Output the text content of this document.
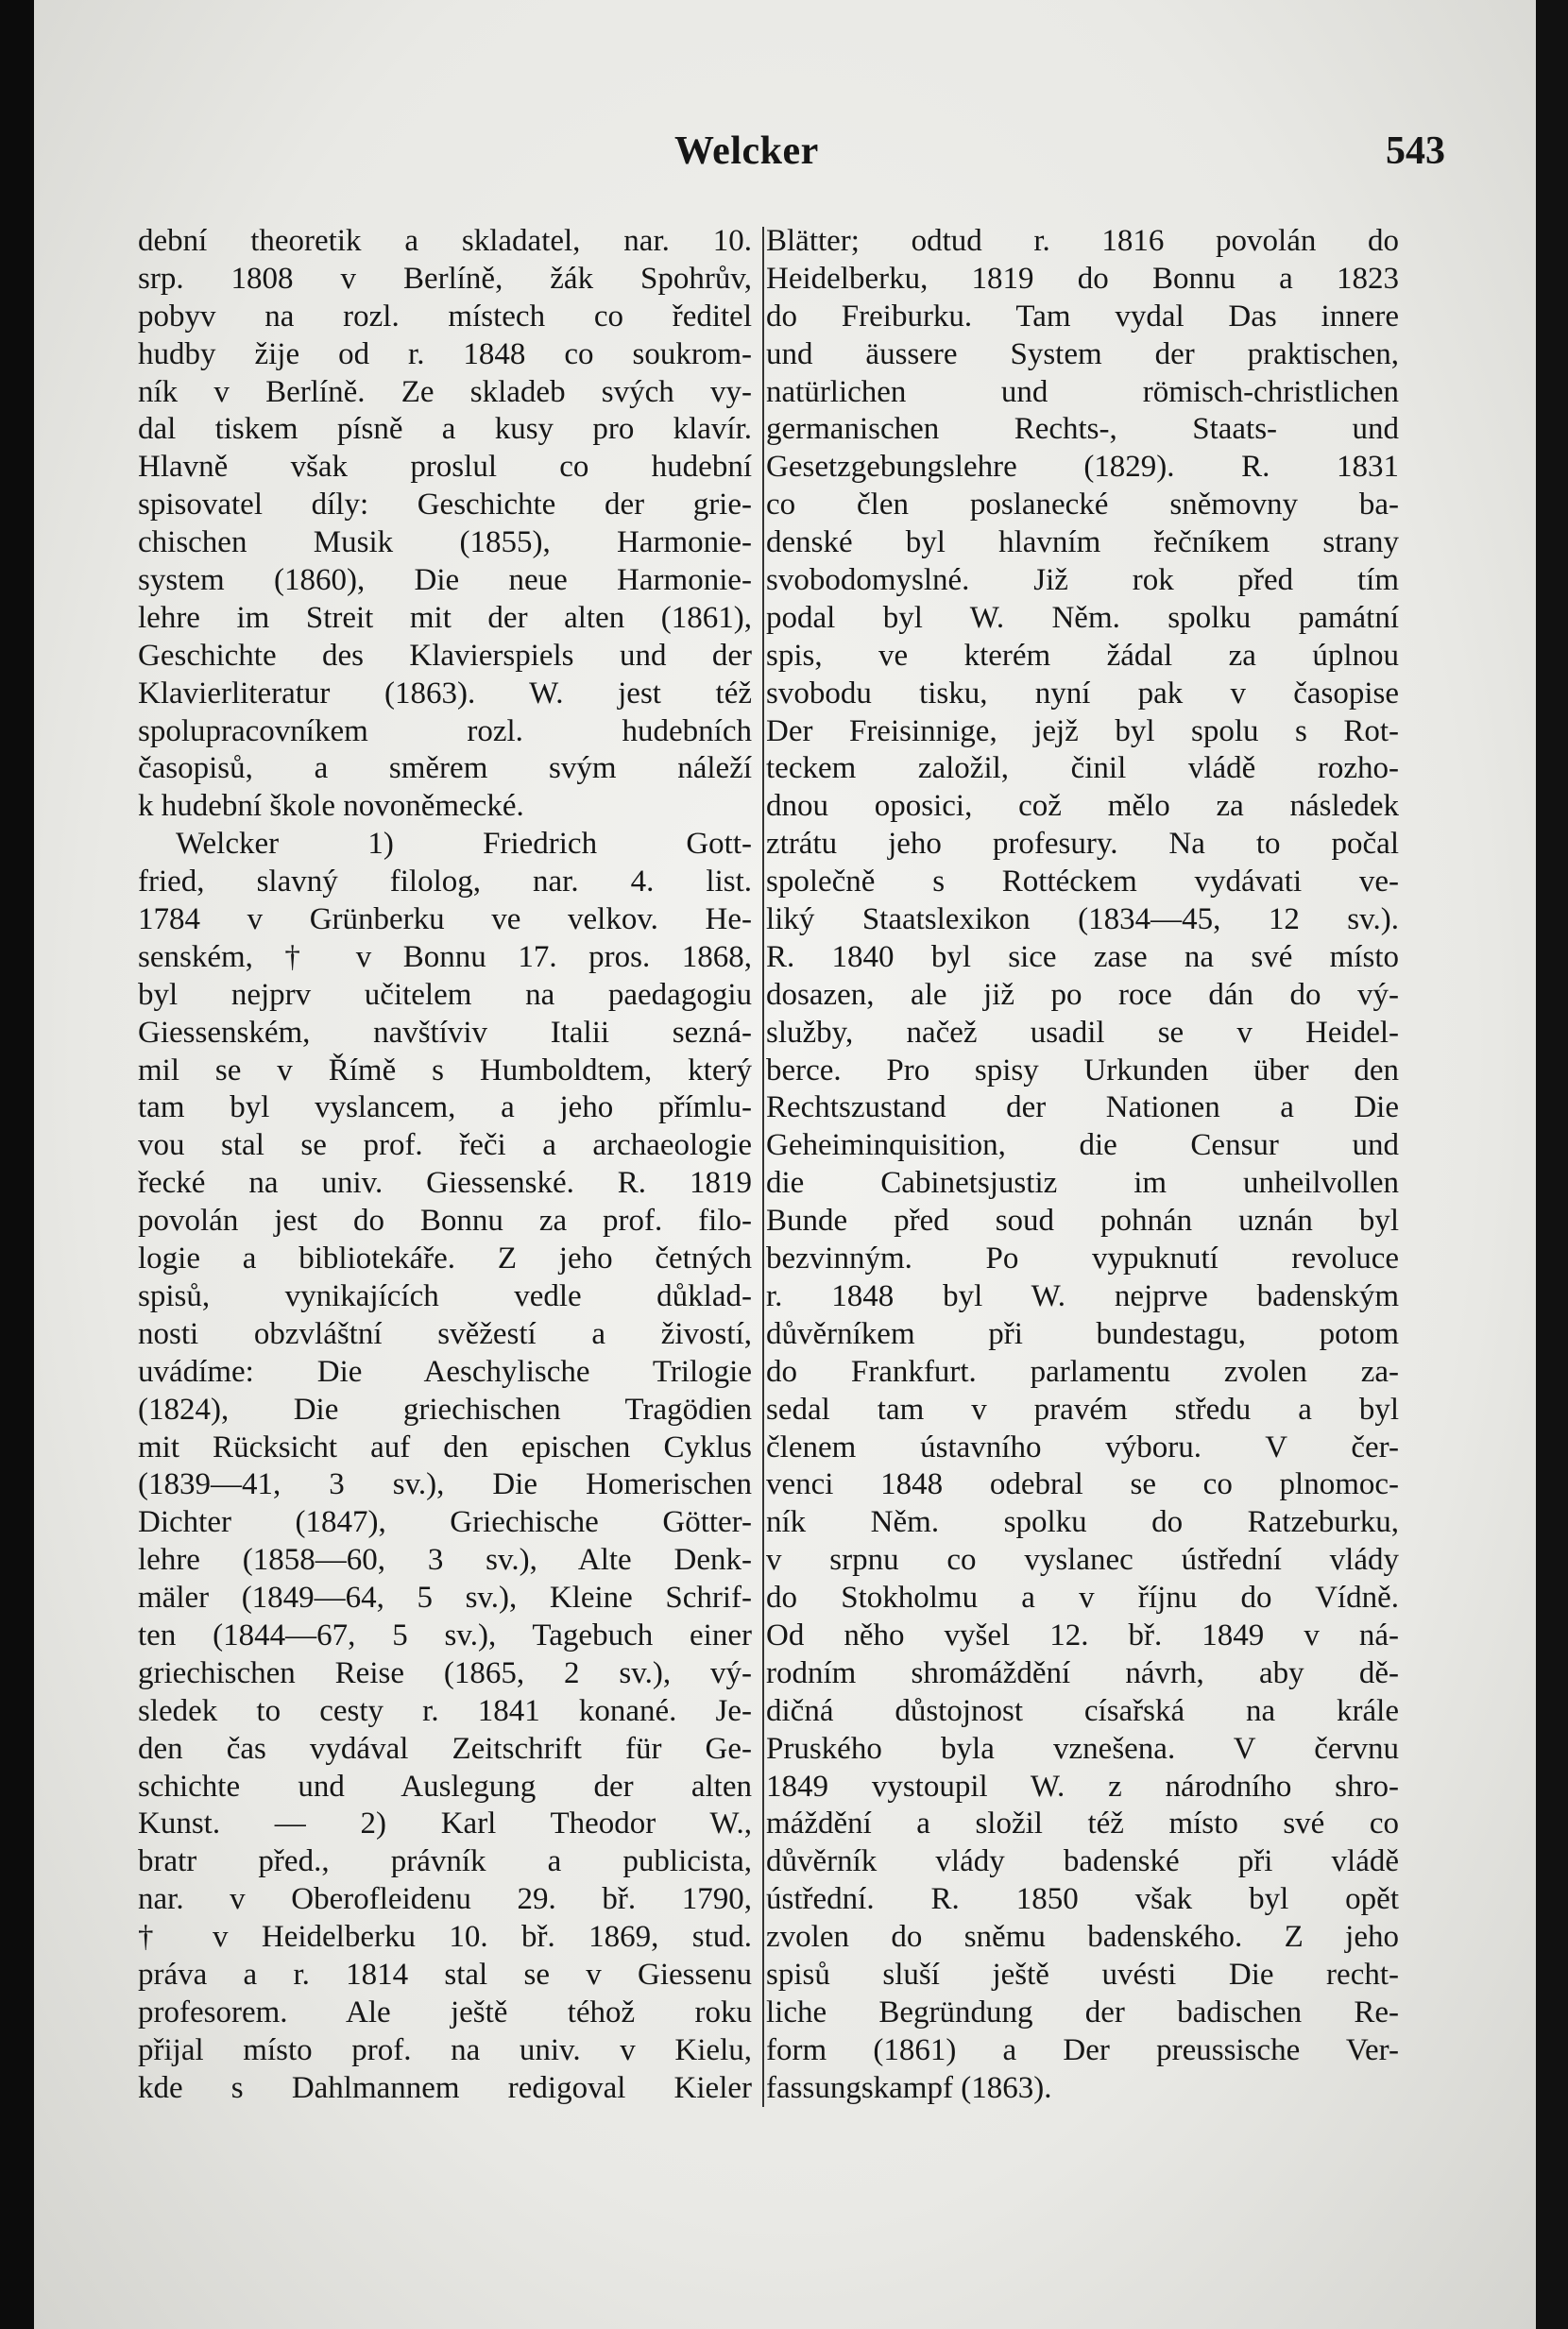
Welcker	543
dební theoretik a skladatel, nar. 10.
srp. 1808 v Berlíně, žák Spohrův,
pobyv na rozl. místech co ředitel
hudby žije od r. 1848 co soukrom-
ník v Berlíně. Ze skladeb svých vy-
dal tiskem písně a kusy pro klavír.
Hlavně však proslul co hudební
spisovatel díly: Geschichte der grie-
chischen Musik (1855), Harmonie-
system (1860), Die neue Harmonie-
lehre im Streit mit der alten (1861),
Geschichte des Klavierspiels und der
Klavierliteratur (1863). W. jest též
spolupracovníkem rozl. hudebních
časopisů, a směrem svým náleží
k hudební škole novoněmecké.
Welcker 1) Friedrich Gott-
fried, slavný filolog, nar. 4. list.
1784 v Grünberku ve velkov. He-
senském, † v Bonnu 17. pros. 1868,
byl nejprv učitelem na paedagogiu
Giessenském, navštíviv Italii sezná-
mil se v Římě s Humboldtem, který
tam byl vyslancem, a jeho přímlu-
vou stal se prof. řeči a archaeologie
řecké na univ. Giessenské. R. 1819
povolán jest do Bonnu za prof. filo-
logie a bibliotekáře. Z jeho četných
spisů, vynikajících vedle důklad-
nosti obzvláštní svěžestí a živostí,
uvádíme: Die Aeschylische Trilogie
(1824), Die griechischen Tragödien
mit Rücksicht auf den epischen Cyklus
(1839—41, 3 sv.), Die Homerischen
Dichter (1847), Griechische Götter-
lehre (1858—60, 3 sv.), Alte Denk-
mäler (1849—64, 5 sv.), Kleine Schrif-
ten (1844—67, 5 sv.), Tagebuch einer
griechischen Reise (1865, 2 sv.), vý-
sledek to cesty r. 1841 konané. Je-
den čas vydával Zeitschrift für Ge-
schichte und Auslegung der alten
Kunst. — 2) Karl Theodor W.,
bratr před., právník a publicista,
nar. v Oberofleidenu 29. bř. 1790,
† v Heidelberku 10. bř. 1869, stud.
práva a r. 1814 stal se v Giessenu
profesorem. Ale ještě téhož roku
přijal místo prof. na univ. v Kielu,
kde s Dahlmannem redigoval Kieler
Blätter; odtud r. 1816 povolán do
Heidelberku, 1819 do Bonnu a 1823
do Freiburku. Tam vydal Das innere
und äussere System der praktischen,
natürlichen und römisch-christlichen
germanischen Rechts-, Staats- und
Gesetzgebungslehre (1829). R. 1831
co člen poslanecké sněmovny ba-
denské byl hlavním řečníkem strany
svobodomyslné. Již rok před tím
podal byl W. Něm. spolku památní
spis, ve kterém žádal za úplnou
svobodu tisku, nyní pak v časopise
Der Freisinnige, jejž byl spolu s Rot-
teckem založil, činil vládě rozho-
dnou oposici, což mělo za následek
ztrátu jeho profesury. Na to počal
společně s Rottéckem vydávati ve-
liký Staatslexikon (1834—45, 12 sv.).
R. 1840 byl sice zase na své místo
dosazen, ale již po roce dán do vý-
služby, načež usadil se v Heidel-
berce. Pro spisy Urkunden über den
Rechtszustand der Nationen a Die
Geheiminquisition, die Censur und
die Cabinetsjustiz im unheilvollen
Bunde před soud pohnán uznán byl
bezvinným. Po vypuknutí revoluce
r. 1848 byl W. nejprve badenským
důvěrníkem při bundestagu, potom
do Frankfurt. parlamentu zvolen za-
sedal tam v pravém středu a byl
členem ústavního výboru. V čer-
venci 1848 odebral se co plnomoc-
ník Něm. spolku do Ratzeburku,
v srpnu co vyslanec ústřední vlády
do Stokholmu a v říjnu do Vídně.
Od něho vyšel 12. bř. 1849 v ná-
rodním shromáždění návrh, aby dě-
dičná důstojnost císařská na krále
Pruského byla vznešena. V červnu
1849 vystoupil W. z národního shro-
máždění a složil též místo své co
důvěrník vlády badenské při vládě
ústřední. R. 1850 však byl opět
zvolen do sněmu badenského. Z jeho
spisů sluší ještě uvésti Die recht-
liche Begründung der badischen Re-
form (1861) a Der preussische Ver-
fassungskampf (1863).
